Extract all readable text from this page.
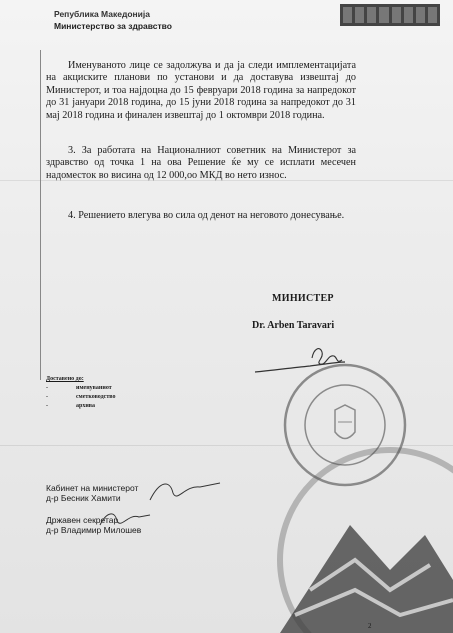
Република Македонија
Министерство за здравство
Именуваното лице се задолжува и да ја следи имплементацијата на акциските планови по установи и да доставува извештај до Министерот, и тоа најдоцна до 15 февруари 2018 година за напредокот до 31 јануари 2018 година, до 15 јуни 2018 година за напредокот до 31 мај 2018 година и финален извештај до 1 октомври 2018 година.
3. За работата на Националниот советник на Министерот за здравство од точка 1 на ова Решение ќе му се исплати месечен надоместок во висина од 12 000,оо МКД во нето износ.
4. Решението влегува во сила од денот на неговото донесување.
МИНИСТЕР
Dr. Arben Taravari
Доставено до:
-	именуваниот
-	сметководство
-	архива
Кабинет на министерот
д-р Бесник Хамити
Државен секретар
д-р Владимир Милошев
2
